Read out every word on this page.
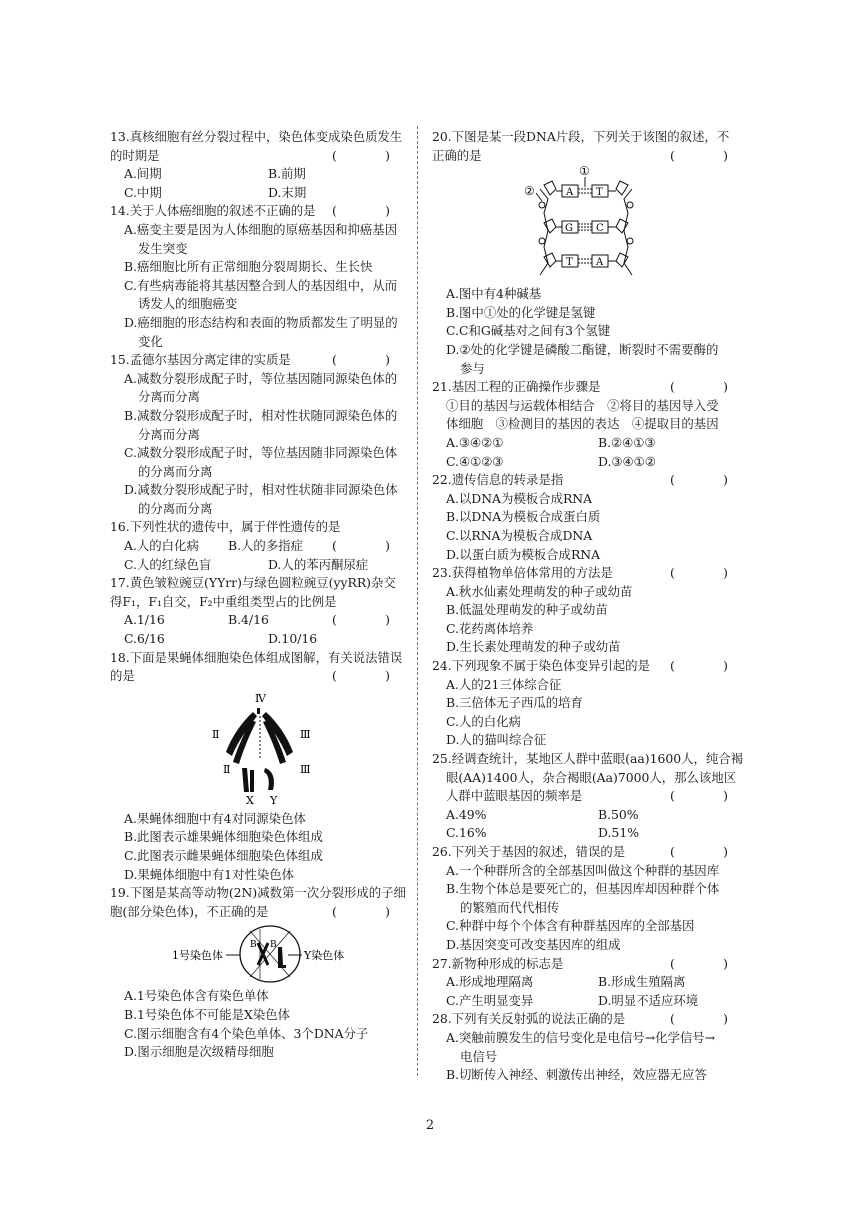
13.真核细胞有丝分裂过程中，染色体变成染色质发生
的时期是	(　)
A.间期	B.前期
C.中期	D.末期
14.关于人体癌细胞的叙述不正确的是 (　)
A.癌变主要是因为人体细胞的原癌基因和抑癌基因
发生突变
B.癌细胞比所有正常细胞分裂周期长、生长快
C.有些病毒能将其基因整合到人的基因组中，从而
诱发人的细胞癌变
D.癌细胞的形态结构和表面的物质都发生了明显的
变化
15.孟德尔基因分离定律的实质是	(　)
A.减数分裂形成配子时，等位基因随同源染色体的
分离而分离
B.减数分裂形成配子时，相对性状随同源染色体的
分离而分离
C.减数分裂形成配子时，等位基因随非同源染色体
的分离而分离
D.减数分裂形成配子时，相对性状随非同源染色体
的分离而分离
16.下列性状的遗传中，属于伴性遗传的是
(　)
A.人的白化病	B.人的多指症
C.人的红绿色盲	D.人的苯丙酮尿症
17.黄色皱粒豌豆(YYrr)与绿色圆粒豌豆(yyRR)杂交
得F₁，F₁自交，F₂中重组类型占的比例是
(　)
A.1/16	B.4/16
C.6/16	D.10/16
18.下面是果蝇体细胞染色体组成图解，有关说法错误
的是	(　)
Ⅳ
Ⅱ	Ⅲ
Ⅱ	Ⅲ
X Y
A.果蝇体细胞中有4对同源染色体
B.此图表示雄果蝇体细胞染色体组成
C.此图表示雌果蝇体细胞染色体组成
D.果蝇体细胞中有1对性染色体
19.下图是某高等动物(2N)减数第一次分裂形成的子细
胞(部分染色体)，不正确的是	(　)
1号染色体
B B
Y染色体
A.1号染色体含有染色单体
B.1号染色体不可能是X染色体
C.图示细胞含有4个染色单体、3个DNA分子
D.图示细胞是次级精母细胞
20.下图是某一段DNA片段，下列关于该图的叙述，不
正确的是	(　)
A T
G C
T A
①
②
A.图中有4种碱基
B.图中①处的化学键是氢键
C.C和G碱基对之间有3个氢键
D.②处的化学键是磷酸二酯键，断裂时不需要酶的
参与
21.基因工程的正确操作步骤是	(　)
①目的基因与运载体相结合　②将目的基因导入受
体细胞　③检测目的基因的表达　④提取目的基因
A.③④②①	B.②④①③
C.④①②③	D.③④①②
22.遗传信息的转录是指	(　)
A.以DNA为模板合成RNA
B.以DNA为模板合成蛋白质
C.以RNA为模板合成DNA
D.以蛋白质为模板合成RNA
23.获得植物单倍体常用的方法是	(　)
A.秋水仙素处理萌发的种子或幼苗
B.低温处理萌发的种子或幼苗
C.花药离体培养
D.生长素处理萌发的种子或幼苗
24.下列现象不属于染色体变异引起的是 (　)
A.人的21三体综合征
B.三倍体无子西瓜的培育
C.人的白化病
D.人的猫叫综合征
25.经调查统计，某地区人群中蓝眼(aa)1600人，纯合褐
眼(AA)1400人，杂合褐眼(Aa)7000人，那么该地区
人群中蓝眼基因的频率是	(　)
A.49%	B.50%
C.16%	D.51%
26.下列关于基因的叙述，错误的是	(　)
A.一个种群所含的全部基因叫做这个种群的基因库
B.生物个体总是要死亡的，但基因库却因种群个体
的繁殖而代代相传
C.种群中每个个体含有种群基因库的全部基因
D.基因突变可改变基因库的组成
27.新物种形成的标志是	(　)
A.形成地理隔离	B.形成生殖隔离
C.产生明显变异	D.明显不适应环境
28.下列有关反射弧的说法正确的是	(　)
A.突触前膜发生的信号变化是电信号→化学信号→
电信号
B.切断传入神经、刺激传出神经，效应器无应答
2
